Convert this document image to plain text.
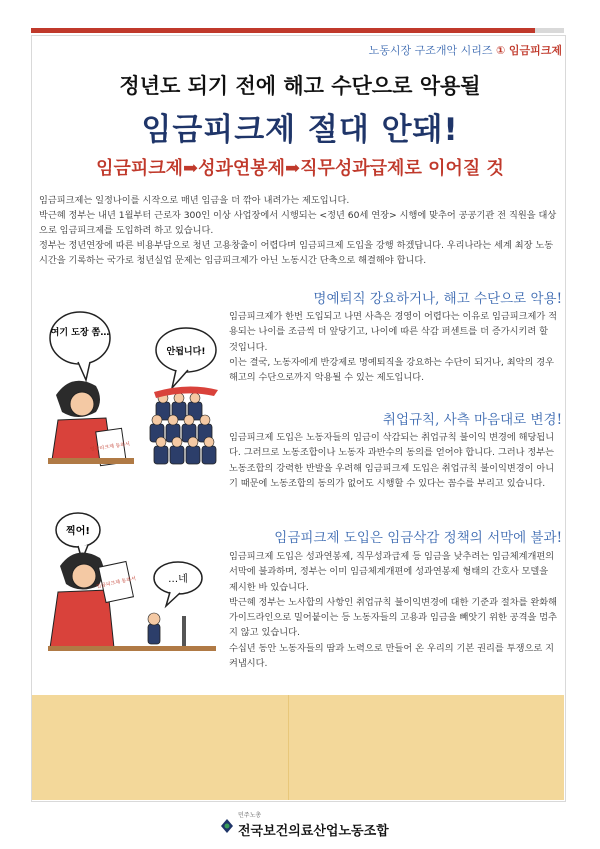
노동시장 구조개악 시리즈 ① 임금피크제
정년도 되기 전에 해고 수단으로 악용될
임금피크제 절대 안돼!
임금피크제➡성과연봉제➡직무성과급제로 이어질 것

임금피크제는 일정나이를 시작으로 매년 임금을 더 깎아 내려가는 제도입니다.

박근혜 정부는 내년 1월부터 근로자 300인 이상 사업장에서 시행되는 <정년 60세 연장> 시행에 맞추어 공공기관 전 직원을 대상으로 임금피크제를 도입하려 하고 있습니다.

정부는 정년연장에 따른 비용부담으로 청년 고용창출이 어렵다며 임금피크제 도입을 강행 하겠답니다. 우리나라는 세계 최장 노동시간을 기록하는 국가로 청년실업 문제는 임금피크제가 아닌 노동시간 단축으로 해결해야 합니다.

명예퇴직 강요하거나, 해고 수단으로 악용!

임금피크제가 한번 도입되고 나면 사측은 경영이 어렵다는 이유로 임금피크제가 적용되는 나이를 조금씩 더 앞당기고, 나이에 따른 삭감 퍼센트를 더 증가시키려 할 것입니다.

이는 결국, 노동자에게 반강제로 명예퇴직을 강요하는 수단이 되거나, 최악의 경우 해고의 수단으로까지 악용될 수 있는 제도입니다.

취업규칙, 사측 마음대로 변경!

임금피크제 도입은 노동자들의 임금이 삭감되는 취업규칙 불이익 변경에 해당됩니다. 그러므로 노동조합이나 노동자 과반수의 동의를 얻어야 합니다. 그러나 정부는 노동조합의 강력한 반발을 우려해 임금피크제 도입은 취업규칙 불이익변경이 아니기 때문에 노동조합의 동의가 없어도 시행할 수 있다는 꼼수를 부리고 있습니다.

임금피크제 도입은 임금삭감 정책의 서막에 불과!

임금피크제 도입은 성과연봉제, 직무성과급제 등 임금을 낮추려는 임금체계개편의 서막에 불과하며, 정부는 이미 임금체계개편에 성과연봉제 형태의 간호사 모델을 제시한 바 있습니다.

박근혜 정부는 노사합의 사항인 취업규칙 불이익변경에 대한 기준과 절차를 완화해 가이드라인으로 밀어붙이는 등 노동자들의 고용과 임금을 빼앗기 위한 공격을 멈추지 않고 있습니다.

수십년 동안 노동자들의 땀과 노력으로 만들어 온 우리의 기본 권리를 투쟁으로 지켜냅시다.

여기 도장 쫌…
안됩니다!
임금피크제 동의서
찍어!
…네
임금피크제 동의서
민주노총
전국보건의료산업노동조합
